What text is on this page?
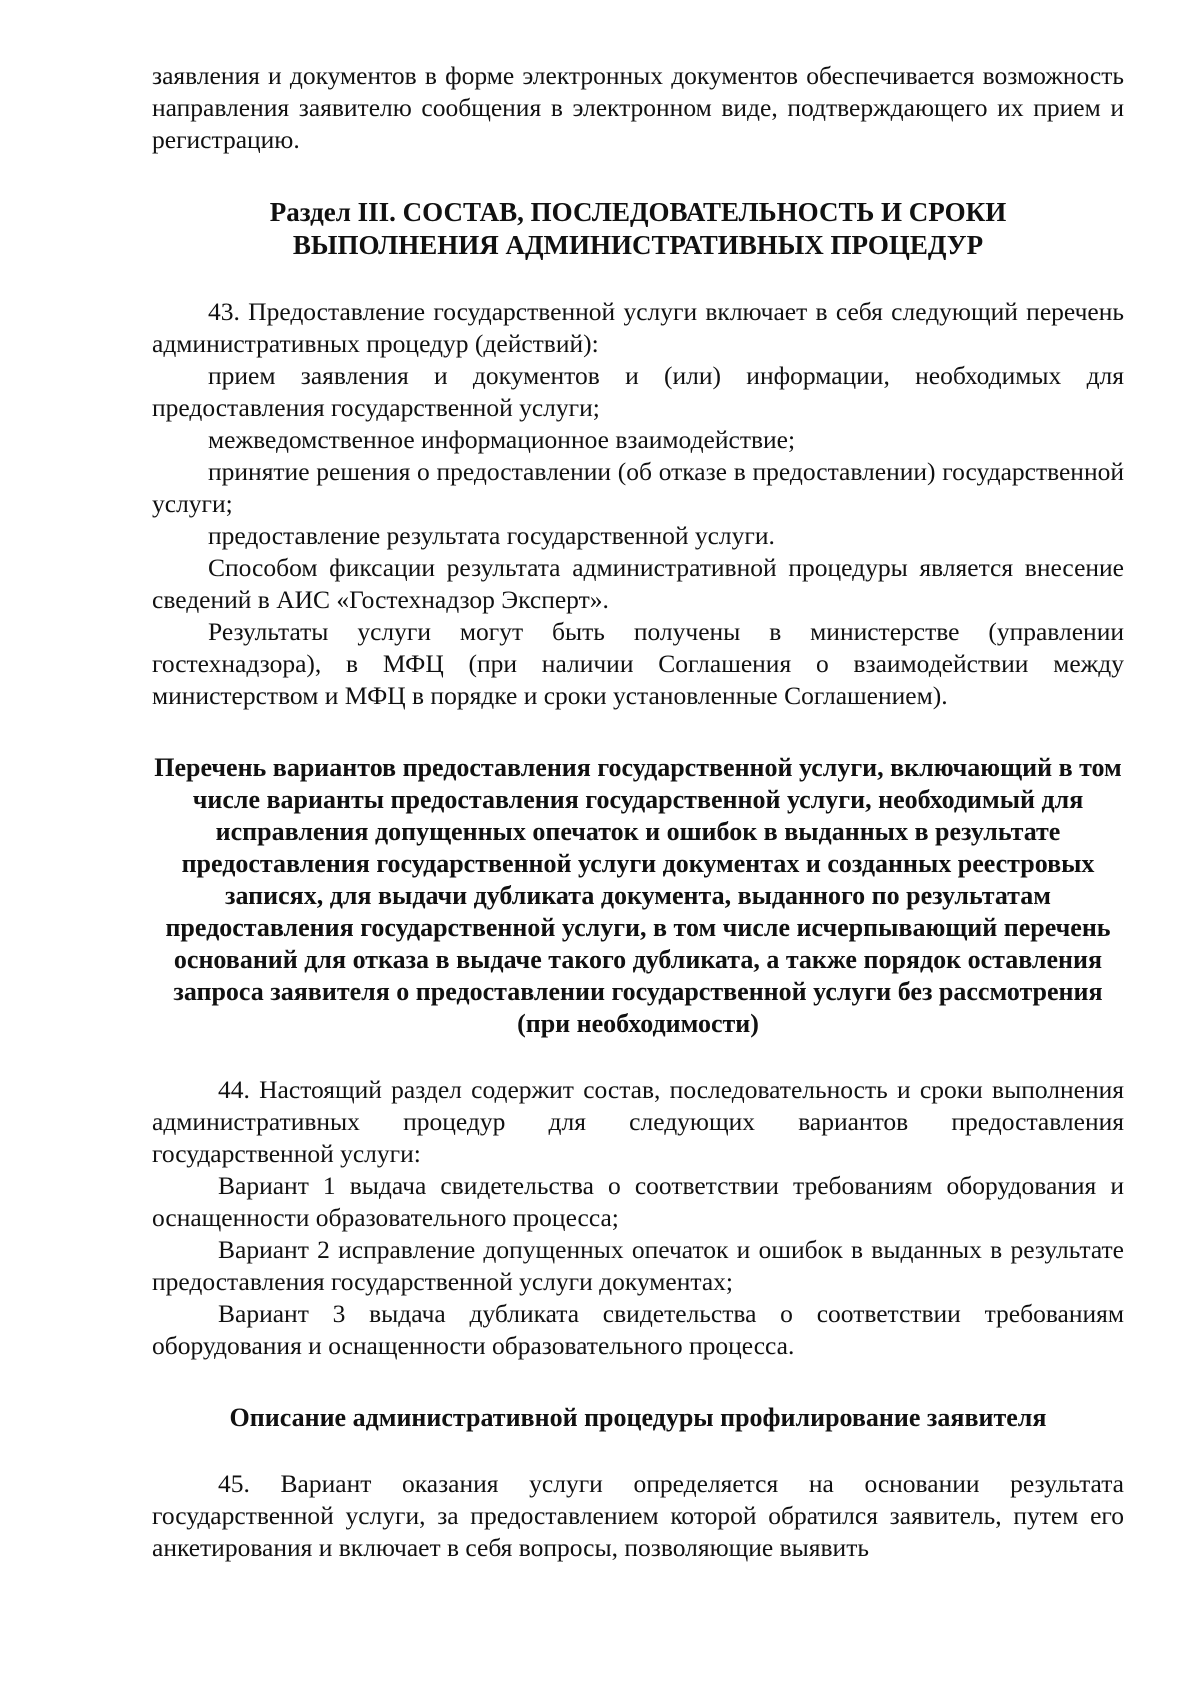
заявления и документов в форме электронных документов обеспечивается возможность направления заявителю сообщения в электронном виде, подтверждающего их прием и регистрацию.

Раздел III. СОСТАВ, ПОСЛЕДОВАТЕЛЬНОСТЬ И СРОКИ

ВЫПОЛНЕНИЯ АДМИНИСТРАТИВНЫХ ПРОЦЕДУР

43. Предоставление государственной услуги включает в себя следующий перечень административных процедур (действий):

прием заявления и документов и (или) информации, необходимых для предоставления государственной услуги;

межведомственное информационное взаимодействие;

принятие решения о предоставлении (об отказе в предоставлении) государственной услуги;

предоставление результата государственной услуги.

Способом фиксации результата административной процедуры является внесение сведений в АИС «Гостехнадзор Эксперт».

Результаты услуги могут быть получены в министерстве (управлении гостехнадзора), в МФЦ (при наличии Соглашения о взаимодействии между министерством и МФЦ в порядке и сроки установленные Соглашением).

Перечень вариантов предоставления государственной услуги, включающий в том числе варианты предоставления государственной услуги, необходимый для исправления допущенных опечаток и ошибок в выданных в результате предоставления государственной услуги документах и созданных реестровых записях, для выдачи дубликата документа, выданного по результатам предоставления государственной услуги, в том числе исчерпывающий перечень оснований для отказа в выдаче такого дубликата, а также порядок оставления запроса заявителя о предоставлении государственной услуги без рассмотрения (при необходимости)

44. Настоящий раздел содержит состав, последовательность и сроки выполнения административных процедур для следующих вариантов предоставления государственной услуги:

Вариант 1 выдача свидетельства о соответствии требованиям оборудования и оснащенности образовательного процесса;

Вариант 2 исправление допущенных опечаток и ошибок в выданных в результате предоставления государственной услуги документах;

Вариант 3 выдача дубликата свидетельства о соответствии требованиям оборудования и оснащенности образовательного процесса.

Описание административной процедуры профилирование заявителя

45. Вариант оказания услуги определяется на основании результата государственной услуги, за предоставлением которой обратился заявитель, путем его анкетирования и включает в себя вопросы, позволяющие выявить
